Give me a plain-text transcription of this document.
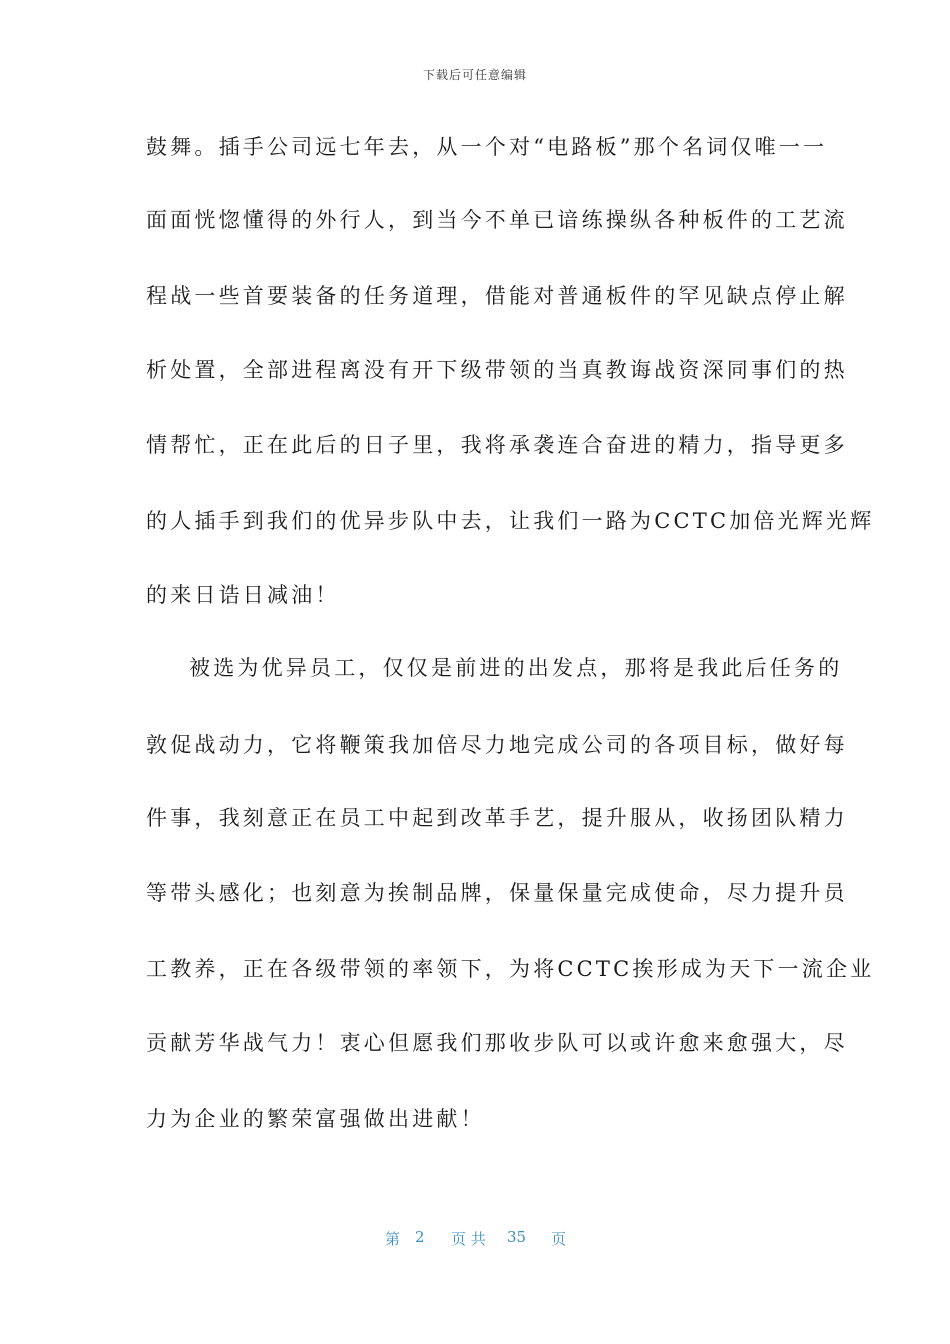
下载后可任意编辑
鼓舞。插手公司远七年去，从一个对“电路板”那个名词仅唯一一
面面恍惚懂得的外行人，到当今不单已谙练操纵各种板件的工艺流
程战一些首要装备的任务道理，借能对普通板件的罕见缺点停止解
析处置，全部进程离没有开下级带领的当真教诲战资深同事们的热
情帮忙，正在此后的日子里，我将承袭连合奋进的精力，指导更多
的人插手到我们的优异步队中去，让我们一路为CCTC加倍光辉光辉
的来日诰日减油！
被选为优异员工，仅仅是前进的出发点，那将是我此后任务的
敦促战动力，它将鞭策我加倍尽力地完成公司的各项目标，做好每
件事，我刻意正在员工中起到改革手艺，提升服从，收扬团队精力
等带头感化；也刻意为挨制品牌，保量保量完成使命，尽力提升员
工教养，正在各级带领的率领下，为将CCTC挨形成为天下一流企业
贡献芳华战气力！衷心但愿我们那收步队可以或许愈来愈强大，尽
力为企业的繁荣富强做出进献！
第 2 页 共 35 页
